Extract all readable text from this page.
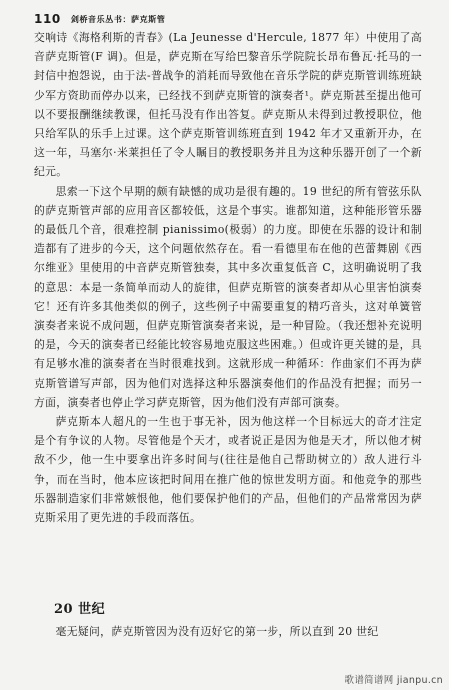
110 剑桥音乐丛书：萨克斯管

交响诗《海格利斯的青春》(La Jeunesse d'Hercule, 1877 年）中使用了高音萨克斯管(F 调)。但是，萨克斯在写给巴黎音乐学院院长昂布鲁瓦·托马的一封信中抱怨说，由于法-普战争的消耗而导致他在音乐学院的萨克斯管训练班缺少军方资助而停办以来，已经找不到萨克斯管的演奏者¹。萨克斯甚至提出他可以不要报酬继续教课，但托马没有作出答复。萨克斯从未得到过教授职位，他只给军队的乐手上过课。这个萨克斯管训练班直到 1942 年才又重新开办，在这一年，马塞尔·米莱担任了令人瞩目的教授职务并且为这种乐器开创了一个新纪元。

思索一下这个早期的颇有缺憾的成功是很有趣的。19 世纪的所有管弦乐队的萨克斯管声部的应用音区都较低，这是个事实。谁都知道，这种能形管乐器的最低几个音，很难控制 pianissimo(极弱）的力度。即使在乐器的设计和制造都有了进步的今天，这个问题依然存在。看一看德里布在他的芭蕾舞剧《西尔维亚》里使用的中音萨克斯管独奏，其中多次重复低音 C，这明确说明了我的意思：本是一条简单而动人的旋律，但萨克斯管的演奏者却从心里害怕演奏它！还有许多其他类似的例子，这些例子中需要重复的精巧音头，这对单簧管演奏者来说不成问题，但萨克斯管演奏者来说，是一种冒险。（我还想补充说明的是，今天的演奏者已经能比较容易地克服这些困难。）但或许更关键的是，具有足够水准的演奏者在当时很难找到。这就形成一种循环：作曲家们不再为萨克斯管谱写声部，因为他们对选择这种乐器演奏他们的作品没有把握；而另一方面，演奏者也停止学习萨克斯管，因为他们没有声部可演奏。

萨克斯本人超凡的一生也于事无补，因为他这样一个目标远大的奇才注定是个有争议的人物。尽管他是个天才，或者说正是因为他是天才，所以他才树敌不少，他一生中要拿出许多时间与(往往是他自己帮助树立的）敌人进行斗争，而在当时，他本应该把时间用在推广他的惊世发明方面。和他竞争的那些乐器制造家们非常嫉恨他，他们要保护他们的产品，但他们的产品常常因为萨克斯采用了更先进的手段而落伍。

20 世纪
毫无疑问，萨克斯管因为没有迈好它的第一步，所以直到 20 世纪
歌谱简谱网 jianpu.cn
